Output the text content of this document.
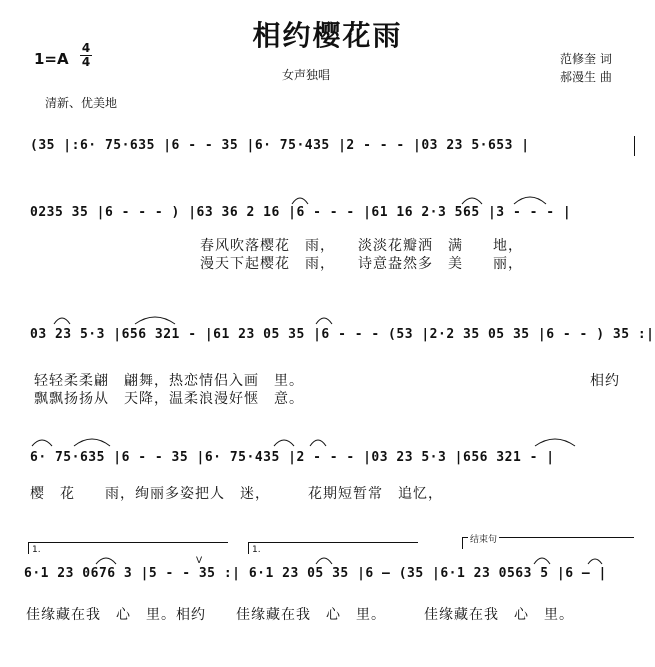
相约樱花雨
1=A
4
4
女声独唱
清新、优美地
范修奎 词
郝漫生 曲
(35 |:6· 75·635 |6 - - 35 |6· 75·435 |2 - - - |03 23 5·653 |
0235 35 |6 - - - ) |63 36 2 16 |6 - - - |61 16 2·3 565 |3 - - - |
春风吹落樱花　雨，　　淡淡花瓣洒　满　　地，
漫天下起樱花　雨，　　诗意盎然多　美　　丽，
03 23 5·3 |656 321 - |61 23 05 35 |6 - - - (53 |2·2 35 05 35 |6 - - ) 35 :|
轻轻柔柔翩　翩舞，热恋情侣入画　里。
飘飘扬扬从　天降，温柔浪漫好惬　意。
相约
6· 75·635 |6 - - 35 |6· 75·435 |2 - - - |03 23 5·3 |656 321 - |
樱　花　　雨，绚丽多姿把人　迷，　　　花期短暂常　追忆，
1.	1.
结束句
V
6·1 23 0676 3 |5 - - 35 :| 6·1 23 05 35 |6 — (35 |6·1 23 0563 5 |6 — |
佳缘藏在我　心　里。相约　　佳缘藏在我　心　里。　　　佳缘藏在我　心　里。
